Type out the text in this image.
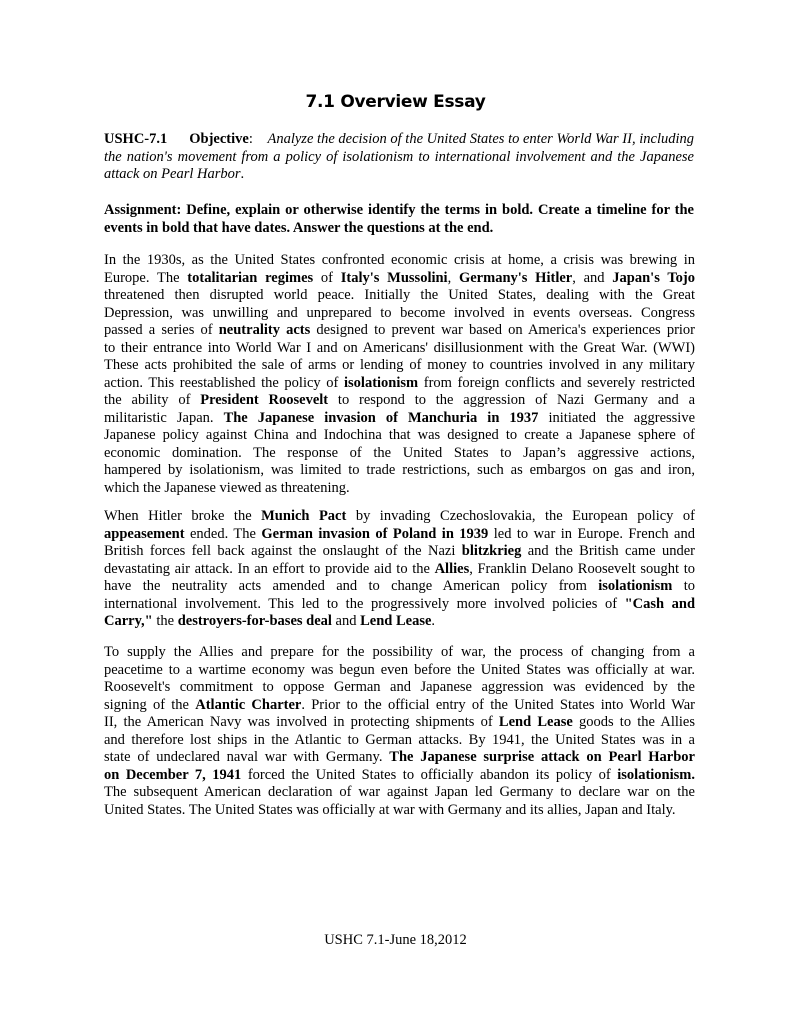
7.1 Overview Essay
USHC-7.1 Objective:    Analyze the decision of the United States to enter World War II, including the nation's movement from a policy of isolationism to international involvement and the Japanese attack on Pearl Harbor.
Assignment: Define, explain or otherwise identify the terms in bold. Create a timeline for the events in bold that have dates. Answer the questions at the end.
In the 1930s, as the United States confronted economic crisis at home, a crisis was brewing in
Europe. The totalitarian regimes of Italy's Mussolini, Germany's Hitler, and Japan's Tojo
threatened then disrupted world peace. Initially the United States, dealing with the Great
Depression, was unwilling and unprepared to become involved in events overseas. Congress
passed a series of neutrality acts designed to prevent war based on America's experiences prior
to their entrance into World War I and on Americans' disillusionment with the Great War. (WWI)
These acts prohibited the sale of arms or lending of money to countries involved in any military
action. This reestablished the policy of isolationism from foreign conflicts and severely restricted
the ability of President Roosevelt to respond to the aggression of Nazi Germany and a
militaristic Japan. The Japanese invasion of Manchuria in 1937 initiated the aggressive
Japanese policy against China and Indochina that was designed to create a Japanese sphere of
economic domination. The response of the United States to Japan’s aggressive actions,
hampered by isolationism, was limited to trade restrictions, such as embargos on gas and iron,
which the Japanese viewed as threatening.
When Hitler broke the Munich Pact by invading Czechoslovakia, the European policy of
appeasement ended. The German invasion of Poland in 1939 led to war in Europe. French and
British forces fell back against the onslaught of the Nazi blitzkrieg and the British came under
devastating air attack. In an effort to provide aid to the Allies, Franklin Delano Roosevelt sought to
have the neutrality acts amended and to change American policy from isolationism to
international involvement. This led to the progressively more involved policies of "Cash and
Carry," the destroyers-for-bases deal and Lend Lease.
To supply the Allies and prepare for the possibility of war, the process of changing from a
peacetime to a wartime economy was begun even before the United States was officially at war.
Roosevelt's commitment to oppose German and Japanese aggression was evidenced by the
signing of the Atlantic Charter. Prior to the official entry of the United States into World War
II, the American Navy was involved in protecting shipments of Lend Lease goods to the Allies
and therefore lost ships in the Atlantic to German attacks. By 1941, the United States was in a
state of undeclared naval war with Germany. The Japanese surprise attack on Pearl Harbor
on December 7, 1941 forced the United States to officially abandon its policy of isolationism.
The subsequent American declaration of war against Japan led Germany to declare war on the
United States. The United States was officially at war with Germany and its allies, Japan and Italy.
USHC 7.1-June 18,2012
